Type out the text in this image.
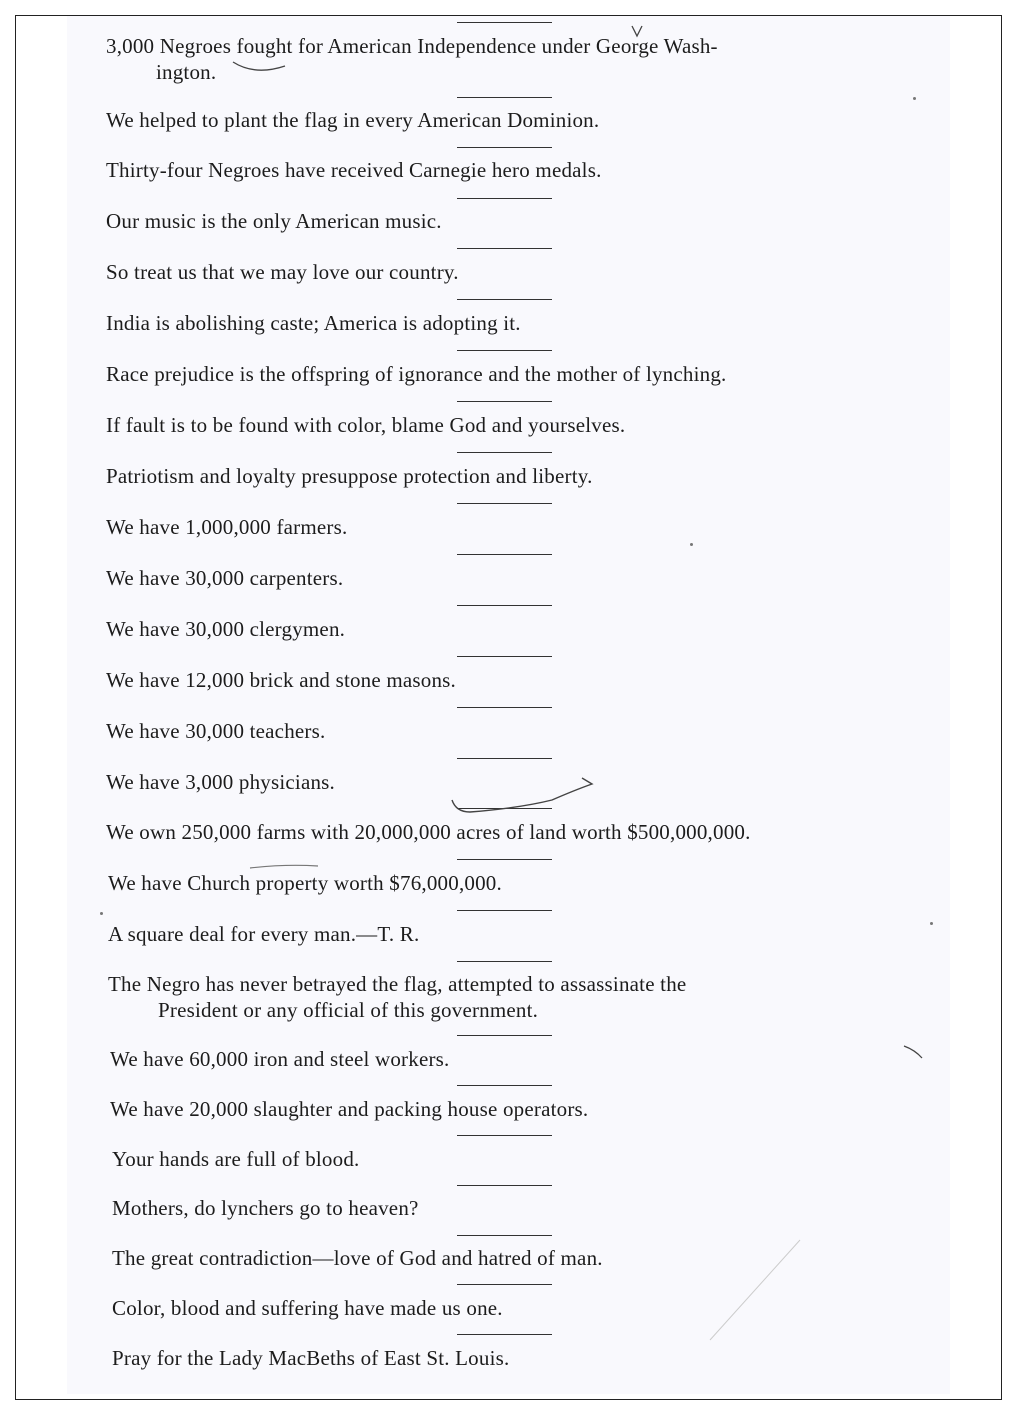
3,000 Negroes fought for American Independence under George Wash-
ington.
We helped to plant the flag in every American Dominion.
Thirty-four Negroes have received Carnegie hero medals.
Our music is the only American music.
So treat us that we may love our country.
India is abolishing caste; America is adopting it.
Race prejudice is the offspring of ignorance and the mother of lynching.
If fault is to be found with color, blame God and yourselves.
Patriotism and loyalty presuppose protection and liberty.
We have 1,000,000 farmers.
We have 30,000 carpenters.
We have 30,000 clergymen.
We have 12,000 brick and stone masons.
We have 30,000 teachers.
We have 3,000 physicians.
We own 250,000 farms with 20,000,000 acres of land worth $500,000,000.
We have Church property worth $76,000,000.
A square deal for every man.—T. R.
The Negro has never betrayed the flag, attempted to assassinate the
President or any official of this government.
We have 60,000 iron and steel workers.
We have 20,000 slaughter and packing house operators.
Your hands are full of blood.
Mothers, do lynchers go to heaven?
The great contradiction—love of God and hatred of man.
Color, blood and suffering have made us one.
Pray for the Lady MacBeths of East St. Louis.
